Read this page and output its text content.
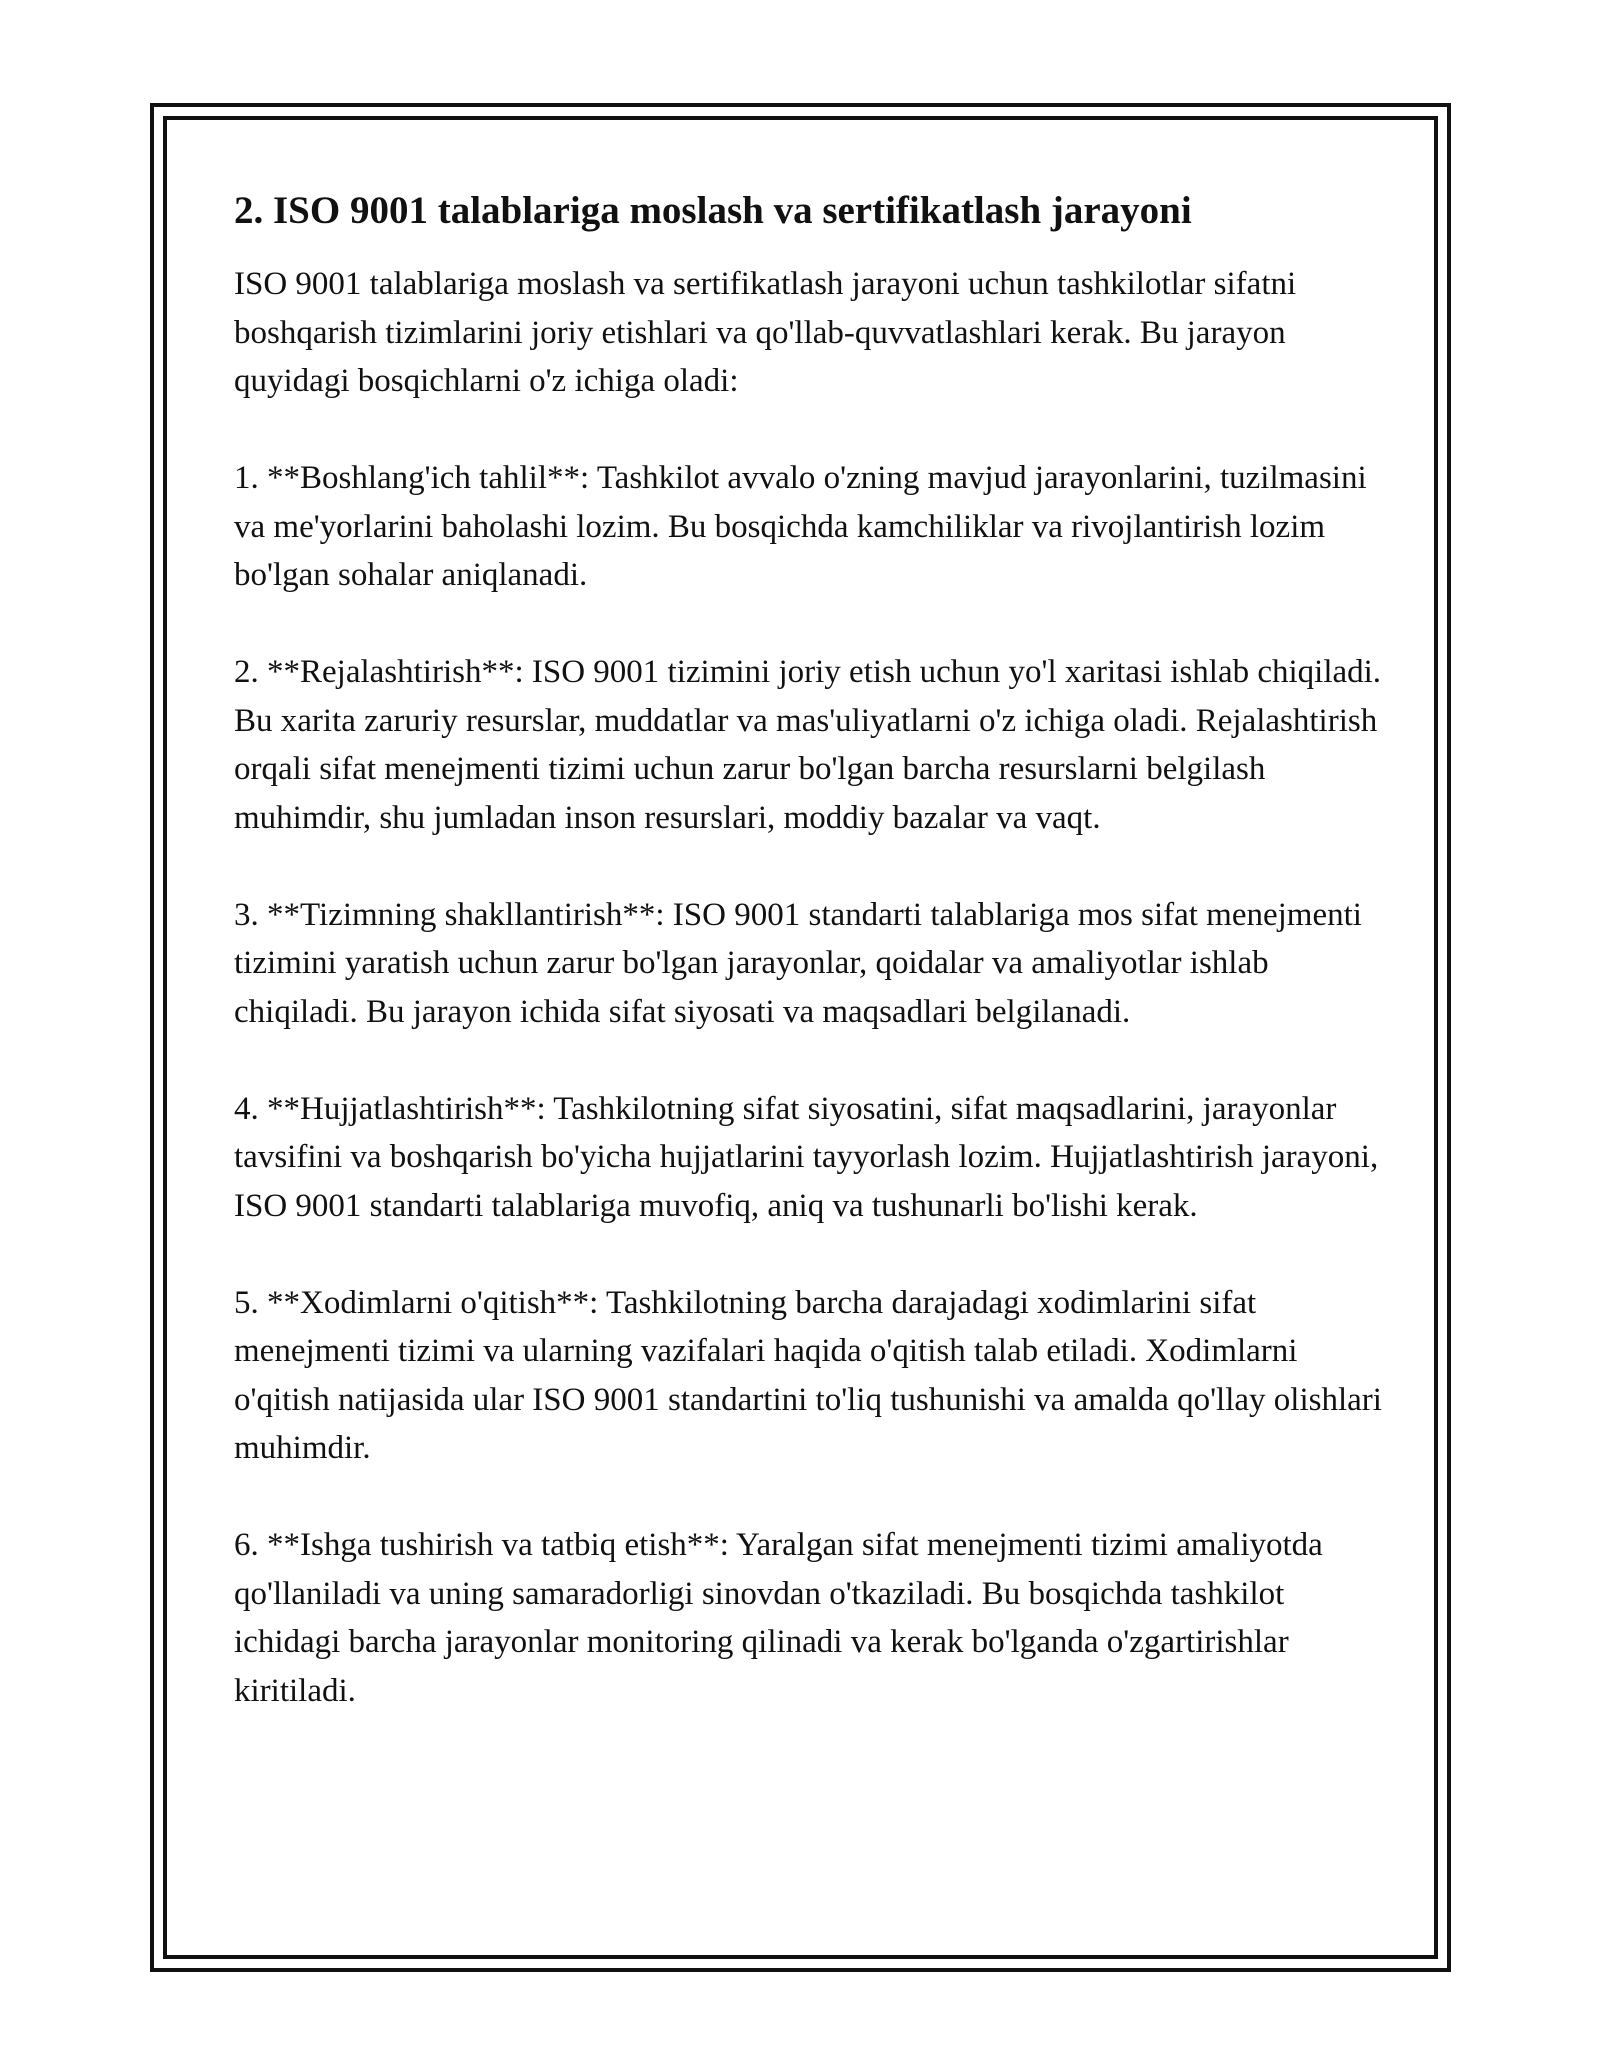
2. ISO 9001 talablariga moslash va sertifikatlash jarayoni

ISO 9001 talablariga moslash va sertifikatlash jarayoni uchun tashkilotlar sifatni boshqarish tizimlarini joriy etishlari va qo'llab-quvvatlashlari kerak. Bu jarayon quyidagi bosqichlarni o'z ichiga oladi:

1. **Boshlang'ich tahlil**: Tashkilot avvalo o'zning mavjud jarayonlarini, tuzilmasini va me'yorlarini baholashi lozim. Bu bosqichda kamchiliklar va rivojlantirish lozim bo'lgan sohalar aniqlanadi.

2. **Rejalashtirish**: ISO 9001 tizimini joriy etish uchun yo'l xaritasi ishlab chiqiladi. Bu xarita zaruriy resurslar, muddatlar va mas'uliyatlarni o'z ichiga oladi. Rejalashtirish orqali sifat menejmenti tizimi uchun zarur bo'lgan barcha resurslarni belgilash muhimdir, shu jumladan inson resurslari, moddiy bazalar va vaqt.

3. **Tizimning shakllantirish**: ISO 9001 standarti talablariga mos sifat menejmenti tizimini yaratish uchun zarur bo'lgan jarayonlar, qoidalar va amaliyotlar ishlab chiqiladi. Bu jarayon ichida sifat siyosati va maqsadlari belgilanadi.

4. **Hujjatlashtirish**: Tashkilotning sifat siyosatini, sifat maqsadlarini, jarayonlar tavsifini va boshqarish bo'yicha hujjatlarini tayyorlash lozim. Hujjatlashtirish jarayoni, ISO 9001 standarti talablariga muvofiq, aniq va tushunarli bo'lishi kerak.

5. **Xodimlarni o'qitish**: Tashkilotning barcha darajadagi xodimlarini sifat menejmenti tizimi va ularning vazifalari haqida o'qitish talab etiladi. Xodimlarni o'qitish natijasida ular ISO 9001 standartini to'liq tushunishi va amalda qo'llay olishlari muhimdir.

6. **Ishga tushirish va tatbiq etish**: Yaralgan sifat menejmenti tizimi amaliyotda qo'llaniladi va uning samaradorligi sinovdan o'tkaziladi. Bu bosqichda tashkilot ichidagi barcha jarayonlar monitoring qilinadi va kerak bo'lganda o'zgartirishlar kiritiladi.
